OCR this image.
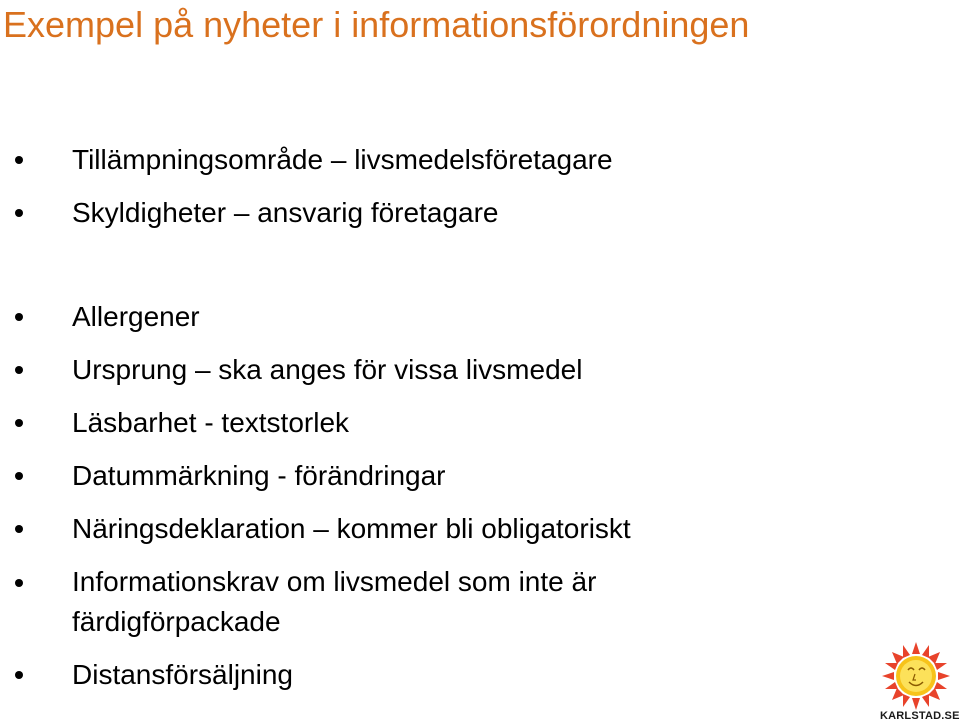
Exempel på nyheter i informationsförordningen
Tillämpningsområde – livsmedelsföretagare
Skyldigheter – ansvarig företagare
Allergener
Ursprung – ska anges för vissa livsmedel
Läsbarhet - textstorlek
Datummärkning - förändringar
Näringsdeklaration – kommer bli obligatoriskt
Informationskrav om livsmedel som inte är färdigförpackade
Distansförsäljning
KARLSTAD.SE
